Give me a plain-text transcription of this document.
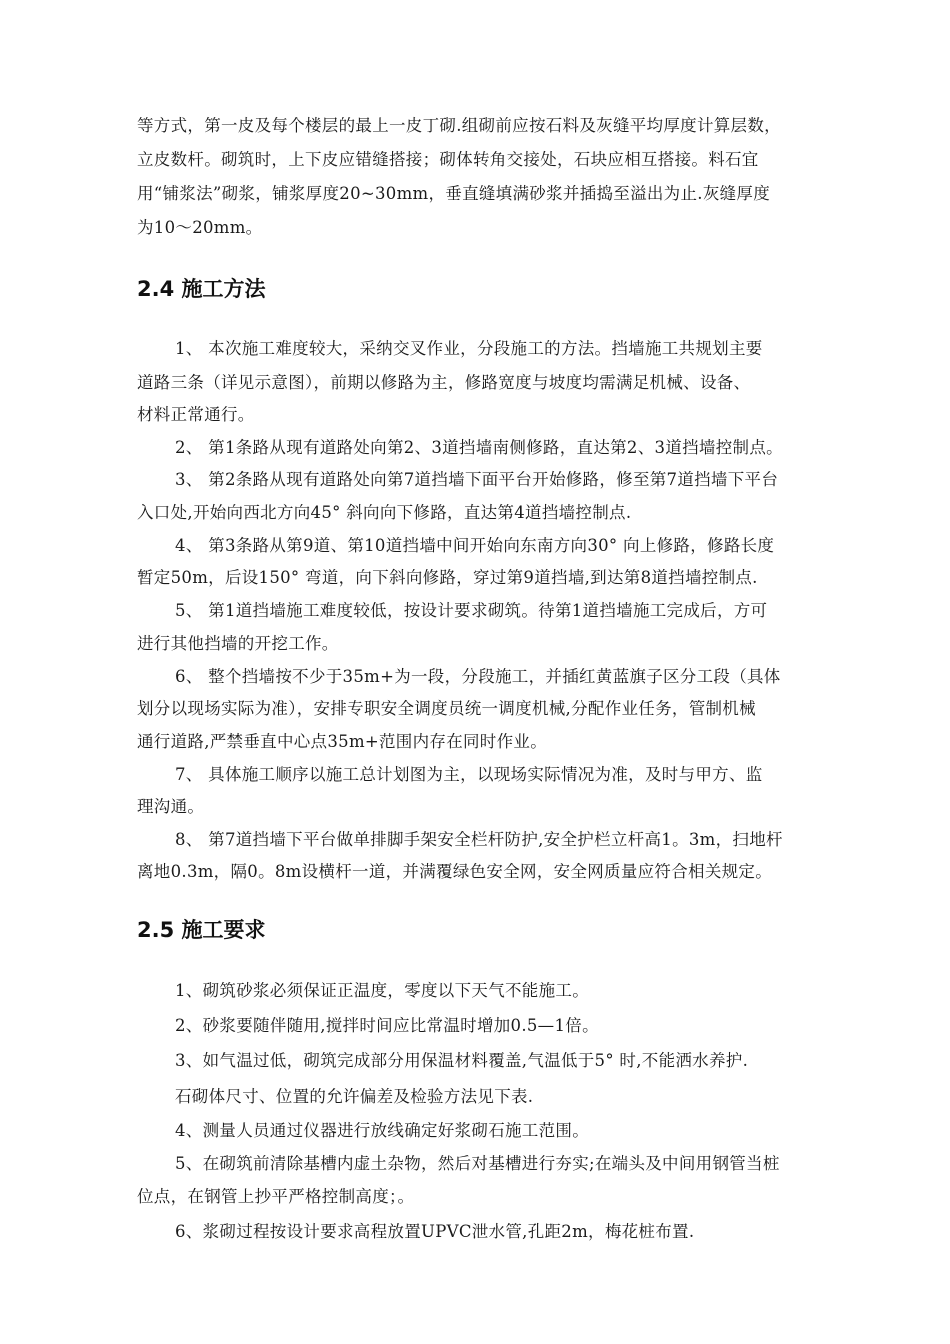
等方式，第一皮及每个楼层的最上一皮丁砌.组砌前应按石料及灰缝平均厚度计算层数，
立皮数杆。砌筑时，上下皮应错缝搭接；砌体转角交接处，石块应相互搭接。料石宜
用“铺浆法”砌浆，铺浆厚度20~30mm，垂直缝填满砂浆并插捣至溢出为止.灰缝厚度
为10～20mm。
2.4 施工方法
1、 本次施工难度较大，采纳交叉作业，分段施工的方法。挡墙施工共规划主要
道路三条（详见示意图），前期以修路为主，修路宽度与坡度均需满足机械、设备、
材料正常通行。
2、 第1条路从现有道路处向第2、3道挡墙南侧修路，直达第2、3道挡墙控制点。
3、 第2条路从现有道路处向第7道挡墙下面平台开始修路，修至第7道挡墙下平台
入口处,开始向西北方向45° 斜向向下修路，直达第4道挡墙控制点.
4、 第3条路从第9道、第10道挡墙中间开始向东南方向30° 向上修路，修路长度
暂定50m，后设150° 弯道，向下斜向修路，穿过第9道挡墙,到达第8道挡墙控制点.
5、 第1道挡墙施工难度较低，按设计要求砌筑。待第1道挡墙施工完成后，方可
进行其他挡墙的开挖工作。
6、 整个挡墙按不少于35m+为一段，分段施工，并插红黄蓝旗子区分工段（具体
划分以现场实际为准），安排专职安全调度员统一调度机械,分配作业任务，管制机械
通行道路,严禁垂直中心点35m+范围内存在同时作业。
7、 具体施工顺序以施工总计划图为主，以现场实际情况为准，及时与甲方、监
理沟通。
8、 第7道挡墙下平台做单排脚手架安全栏杆防护,安全护栏立杆高1。3m，扫地杆
离地0.3m，隔0。8m设横杆一道，并满覆绿色安全网，安全网质量应符合相关规定。
2.5 施工要求
1、砌筑砂浆必须保证正温度，零度以下天气不能施工。
2、砂浆要随伴随用,搅拌时间应比常温时增加0.5—1倍。
3、如气温过低，砌筑完成部分用保温材料覆盖,气温低于5° 时,不能洒水养护.
石砌体尺寸、位置的允许偏差及检验方法见下表.
4、测量人员通过仪器进行放线确定好浆砌石施工范围。
5、在砌筑前清除基槽内虚土杂物，然后对基槽进行夯实;在端头及中间用钢管当桩
位点，在钢管上抄平严格控制高度；。
6、浆砌过程按设计要求高程放置UPVC泄水管,孔距2m，梅花桩布置.
